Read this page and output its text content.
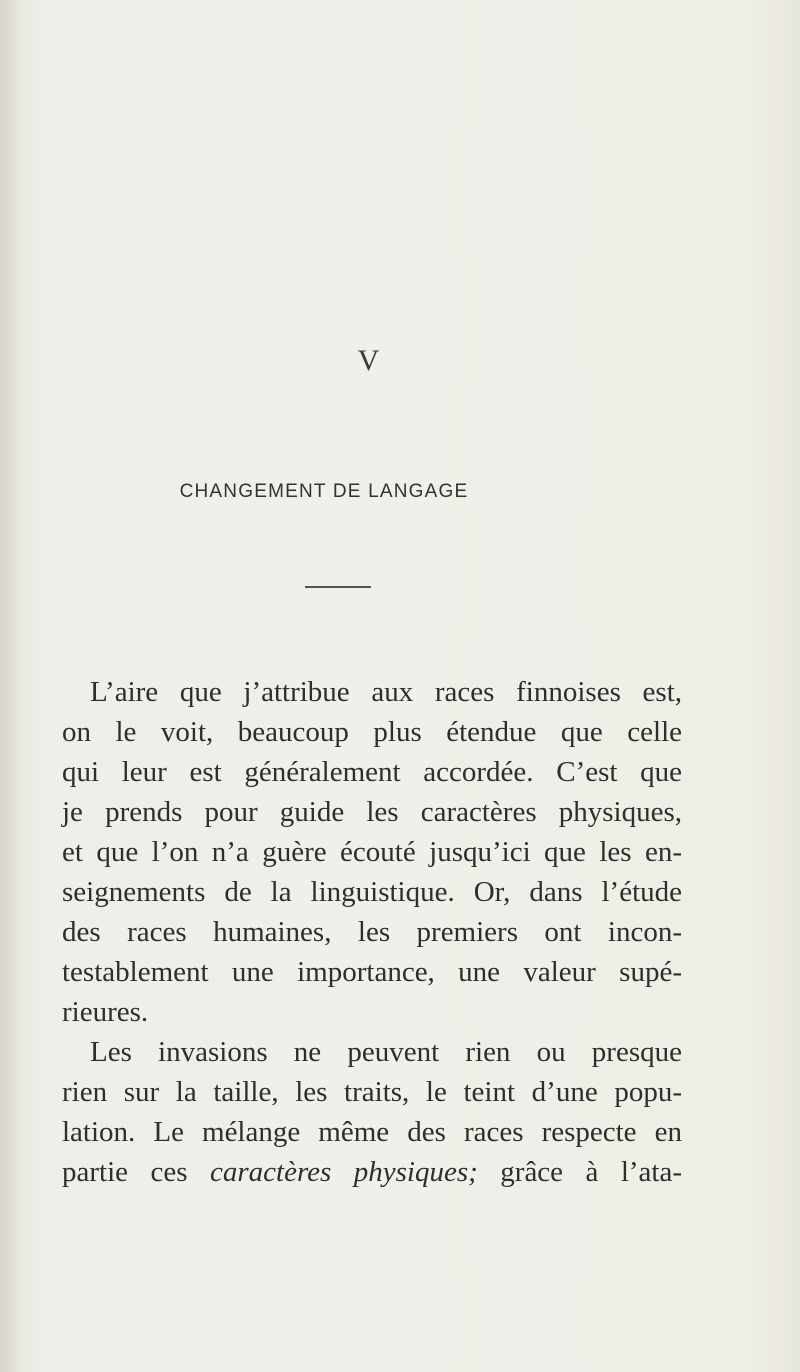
V
CHANGEMENT DE LANGAGE
L’aire que j’attribue aux races finnoises est,
on le voit, beaucoup plus étendue que celle
qui leur est généralement accordée. C’est que
je prends pour guide les caractères physiques,
et que l’on n’a guère écouté jusqu’ici que les en-
seignements de la linguistique. Or, dans l’étude
des races humaines, les premiers ont incon-
testablement une importance, une valeur supé-
rieures.
Les invasions ne peuvent rien ou presque
rien sur la taille, les traits, le teint d’une popu-
lation. Le mélange même des races respecte en
partie ces caractères physiques; grâce à l’ata-
